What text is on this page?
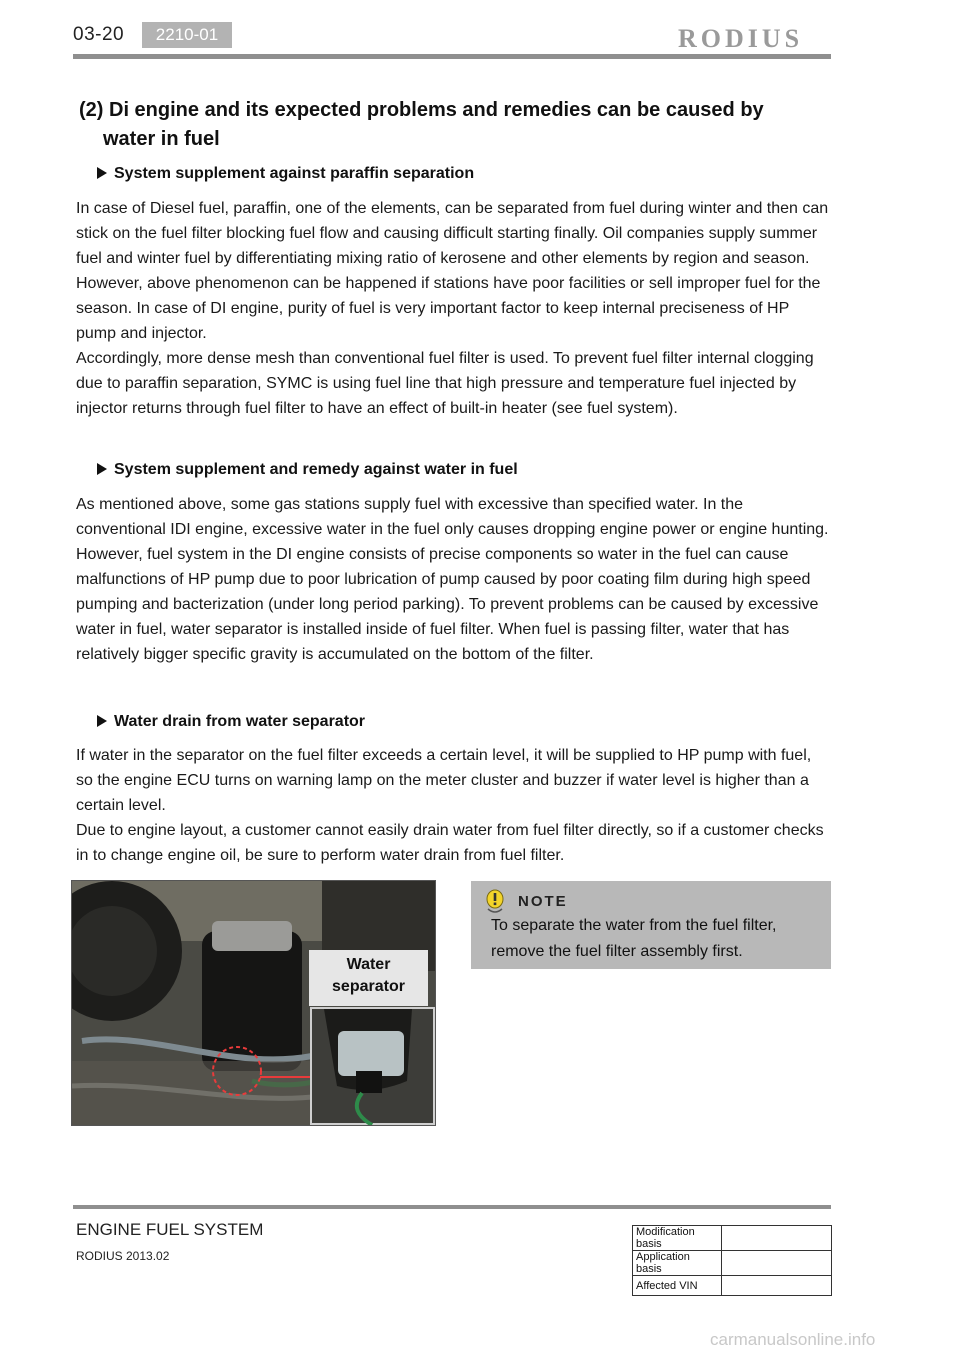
03-20	2210-01	RODIUS
(2) Di engine and its expected problems and remedies can be caused by
water in fuel
System supplement against paraffin separation

In case of Diesel fuel, paraffin, one of the elements, can be separated from fuel during winter and then can stick on the fuel filter blocking fuel flow and causing difficult starting finally. Oil companies supply summer fuel and winter fuel by differentiating mixing ratio of kerosene and other elements by region and season. However, above phenomenon can be happened if stations have poor facilities or sell improper fuel for the season. In case of DI engine, purity of fuel is very important factor to keep internal preciseness of HP pump and injector.

Accordingly, more dense mesh than conventional fuel filter is used. To prevent fuel filter internal clogging due to paraffin separation, SYMC is using fuel line that high pressure and temperature fuel injected by injector returns through fuel filter to have an effect of built-in heater (see fuel system).

System supplement and remedy against water in fuel

As mentioned above, some gas stations supply fuel with excessive than specified water. In the conventional IDI engine, excessive water in the fuel only causes dropping engine power or engine hunting. However, fuel system in the DI engine consists of precise components so water in the fuel can cause malfunctions of HP pump due to poor lubrication of pump caused by poor coating film during high speed pumping and bacterization (under long period parking). To prevent problems can be caused by excessive water in fuel, water separator is installed inside of fuel filter. When fuel is passing filter, water that has relatively bigger specific gravity is accumulated on the bottom of the filter.

Water drain from water separator

If water in the separator on the fuel filter exceeds a certain level, it will be supplied to HP pump with fuel, so the engine ECU turns on warning lamp on the meter cluster and buzzer if water level is higher than a certain level.

Due to engine layout, a customer cannot easily drain water from fuel filter directly, so if a customer checks in to change engine oil, be sure to perform water drain from fuel filter.

Water
separator
NOTE
To separate the water from the fuel filter,
remove the fuel filter assembly first.
ENGINE FUEL SYSTEM
RODIUS 2013.02
Modification basis	
Application basis	
Affected VIN	
carmanualsonline.info
